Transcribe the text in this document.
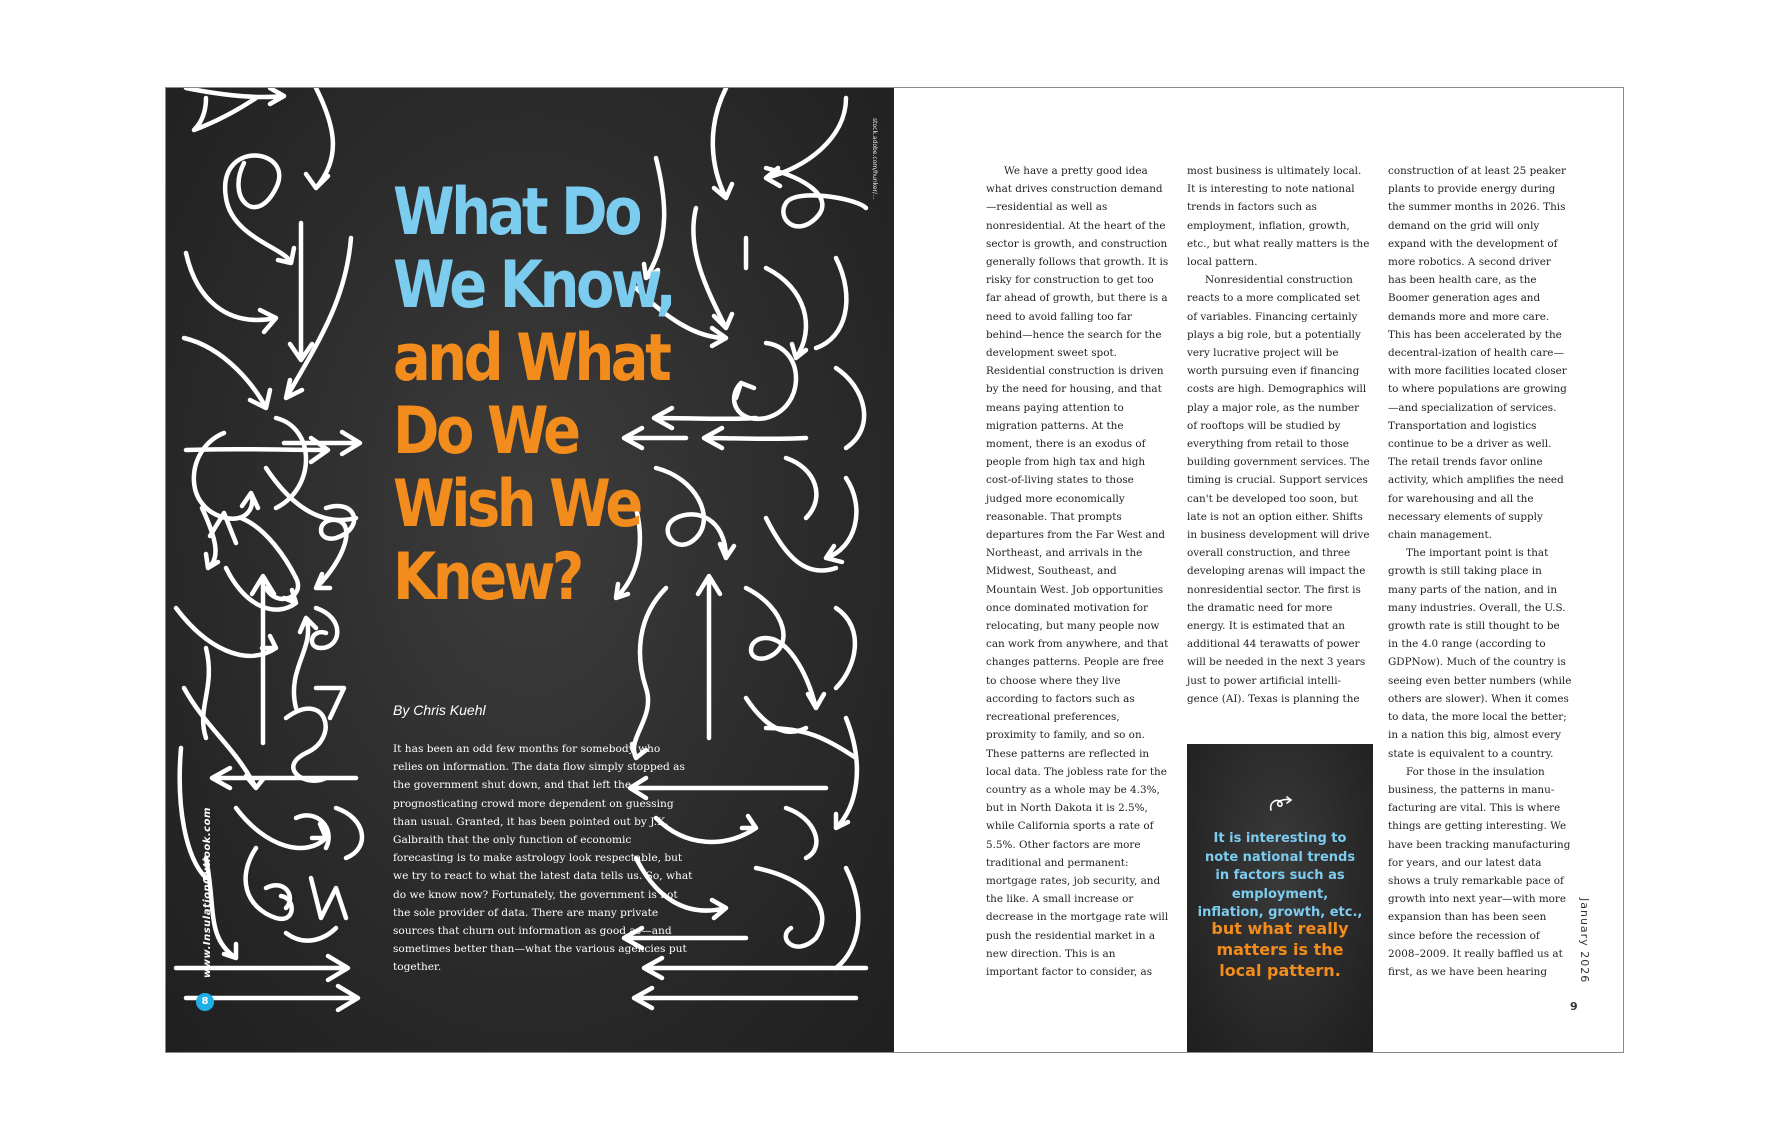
What Do
We Know,
and What
Do We
Wish We
Knew?
By Chris Kuehl

It has been an odd few months for somebody who relies on information. The data flow simply stopped as the government shut down, and that left the prognosticating crowd more dependent on guessing than usual. Granted, it has been pointed out by J.K. Galbraith that the only function of economic forecasting is to make astrology look respectable, but we try to react to what the latest data tells us. So, what do we know now? Fortunately, the government is not the sole provider of data. There are many private sources that churn out information as good as—and sometimes better than—what the various agencies put together.

www.InsulationOutlook.com
stock.adobe.com/hunker/...
8

We have a pretty good idea what drives construction demand—residential as well as nonresidential. At the heart of the sector is growth, and construction generally follows that growth. It is risky for construction to get too far ahead of growth, but there is a need to avoid falling too far behind—hence the search for the development sweet spot. Residential construction is driven by the need for housing, and that means paying attention to migration patterns. At the moment, there is an exodus of people from high tax and high cost-of-living states to those judged more economically reasonable. That prompts departures from the Far West and Northeast, and arrivals in the Midwest, Southeast, and Mountain West. Job opportunities once dominated motivation for relocating, but many people now can work from anywhere, and that changes patterns. People are free to choose where they live according to factors such as recreational preferences, proximity to family, and so on. These patterns are reflected in local data. The jobless rate for the country as a whole may be 4.3%, but in North Dakota it is 2.5%, while California sports a rate of 5.5%. Other factors are more traditional and permanent: mortgage rates, job security, and the like. A small increase or decrease in the mortgage rate will push the residential market in a new direction. This is an important factor to consider, as

most business is ultimately local. It is interesting to note national trends in factors such as employment, inflation, growth, etc., but what really matters is the local pattern.

Nonresidential construction reacts to a more complicated set of variables. Financing certainly plays a big role, but a potentially very lucrative project will be worth pursuing even if financing costs are high. Demographics will play a major role, as the number of rooftops will be studied by everything from retail to those building government services. The timing is crucial. Support services can't be developed too soon, but late is not an option either. Shifts in business development will drive overall construction, and three developing arenas will impact the nonresidential sector. The first is the dramatic need for more energy. It is estimated that an additional 44 terawatts of power will be needed in the next 3 years just to power artificial intelli-gence (AI). Texas is planning the

construction of at least 25 peaker plants to provide energy during the summer months in 2026. This demand on the grid will only expand with the development of more robotics. A second driver has been health care, as the Boomer generation ages and demands more and more care. This has been accelerated by the decentral-ization of health care—with more facilities located closer to where populations are growing—and specialization of services. Transportation and logistics continue to be a driver as well. The retail trends favor online activity, which amplifies the need for warehousing and all the necessary elements of supply chain management.

The important point is that growth is still taking place in many parts of the nation, and in many industries. Overall, the U.S. growth rate is still thought to be in the 4.0 range (according to GDPNow). Much of the country is seeing even better numbers (while others are slower). When it comes to data, the more local the better; in a nation this big, almost every state is equivalent to a country.

For those in the insulation business, the patterns in manu-facturing are vital. This is where things are getting interesting. We have been tracking manufacturing for years, and our latest data shows a truly remarkable pace of growth into next year—with more expansion than has been seen since before the recession of 2008–2009. It really baffled us at first, as we have been hearing

It is interesting to note national trends in factors such as employment, inflation, growth, etc.,
but what really matters is the local pattern.	January 2026
9
